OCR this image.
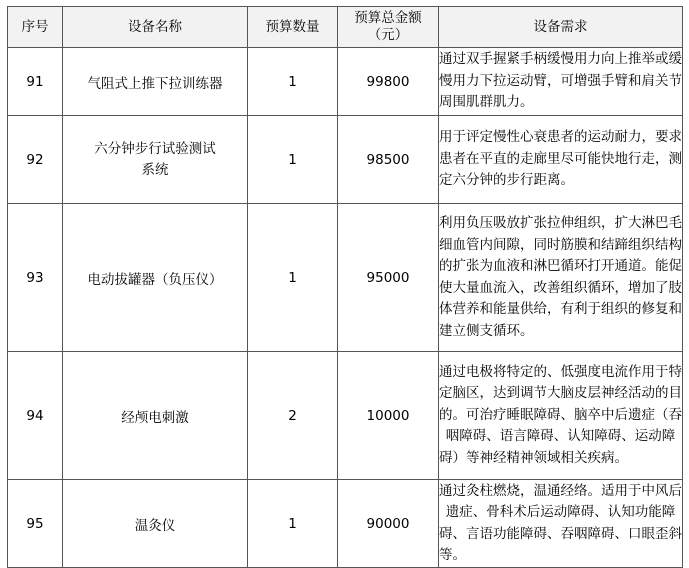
序号	设备名称	预算数量	预算总金额（元）	设备需求
91	气阻式上推下拉训练器	1	99800	通过双手握紧手柄缓慢用力向上推举或缓慢用力下拉运动臂，可增强手臂和肩关节周围肌群肌力。
92	六分钟步行试验测试系统	1	98500	用于评定慢性心衰患者的运动耐力，要求患者在平直的走廊里尽可能快地行走，测定六分钟的步行距离。
93	电动拔罐器（负压仪）	1	95000	利用负压吸放扩张拉伸组织，扩大淋巴毛细血管内间隙，同时筋膜和结蹄组织结构的扩张为血液和淋巴循环打开通道。能促使大量血流入，改善组织循环，增加了肢体营养和能量供给，有利于组织的修复和建立侧支循环。
94	经颅电刺激	2	10000	通过电极将特定的、低强度电流作用于特定脑区，达到调节大脑皮层神经活动的目的。可治疗睡眠障碍、脑卒中后遗症（吞咽障碍、语言障碍、认知障碍、运动障碍）等神经精神领域相关疾病。
95	温灸仪	1	90000	通过灸柱燃烧，温通经络。适用于中风后遗症、骨科术后运动障碍、认知功能障碍、言语功能障碍、吞咽障碍、口眼歪斜等。
